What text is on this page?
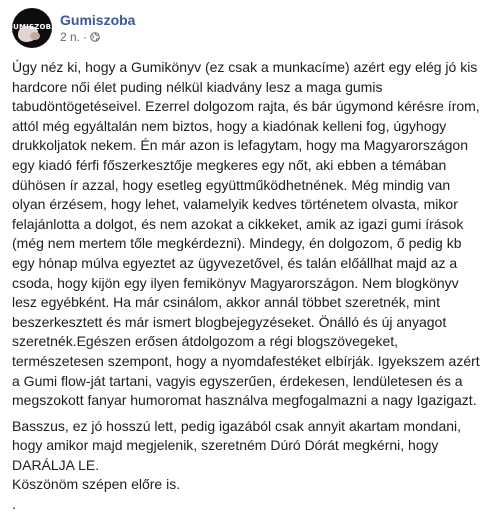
GUMISZOBA Gumiszoba
2 n. ·

Úgy néz ki, hogy a Gumikönyv (ez csak a munkacíme) azért egy elég jó kis
hardcore női élet puding nélkül kiadvány lesz a maga gumis
tabudöntögetéseivel. Ezerrel dolgozom rajta, és bár úgymond kérésre írom,
attól még egyáltalán nem biztos, hogy a kiadónak kelleni fog, úgyhogy
drukkoljatok nekem. Én már azon is lefagytam, hogy ma Magyarországon
egy kiadó férfi főszerkesztője megkeres egy nőt, aki ebben a témában
dühösen ír azzal, hogy esetleg együttműködhetnének. Még mindig van
olyan érzésem, hogy lehet, valamelyik kedves történetem olvasta, mikor
felajánlotta a dolgot, és nem azokat a cikkeket, amik az igazi gumi írások
(még nem mertem tőle megkérdezni). Mindegy, én dolgozom, ő pedig kb
egy hónap múlva egyeztet az ügyvezetővel, és talán előállhat majd az a
csoda, hogy kijön egy ilyen femikönyv Magyarországon. Nem blogkönyv
lesz egyébként. Ha már csinálom, akkor annál többet szeretnék, mint
beszerkesztett és már ismert blogbejegyzéseket. Önálló és új anyagot
szeretnék.Egészen erősen átdolgozom a régi blogszövegeket,
természetesen szempont, hogy a nyomdafestéket elbírják. Igyekszem azért
a Gumi flow-ját tartani, vagyis egyszerűen, érdekesen, lendületesen és a
megszokott fanyar humoromat használva megfogalmazni a nagy Igazigazt.

Basszus, ez jó hosszú lett, pedig igazából csak annyit akartam mondani,
hogy amikor majd megjelenik, szeretném Dúró Dórát megkérni, hogy
DARÁLJA LE.
Köszönöm szépen előre is.
.
